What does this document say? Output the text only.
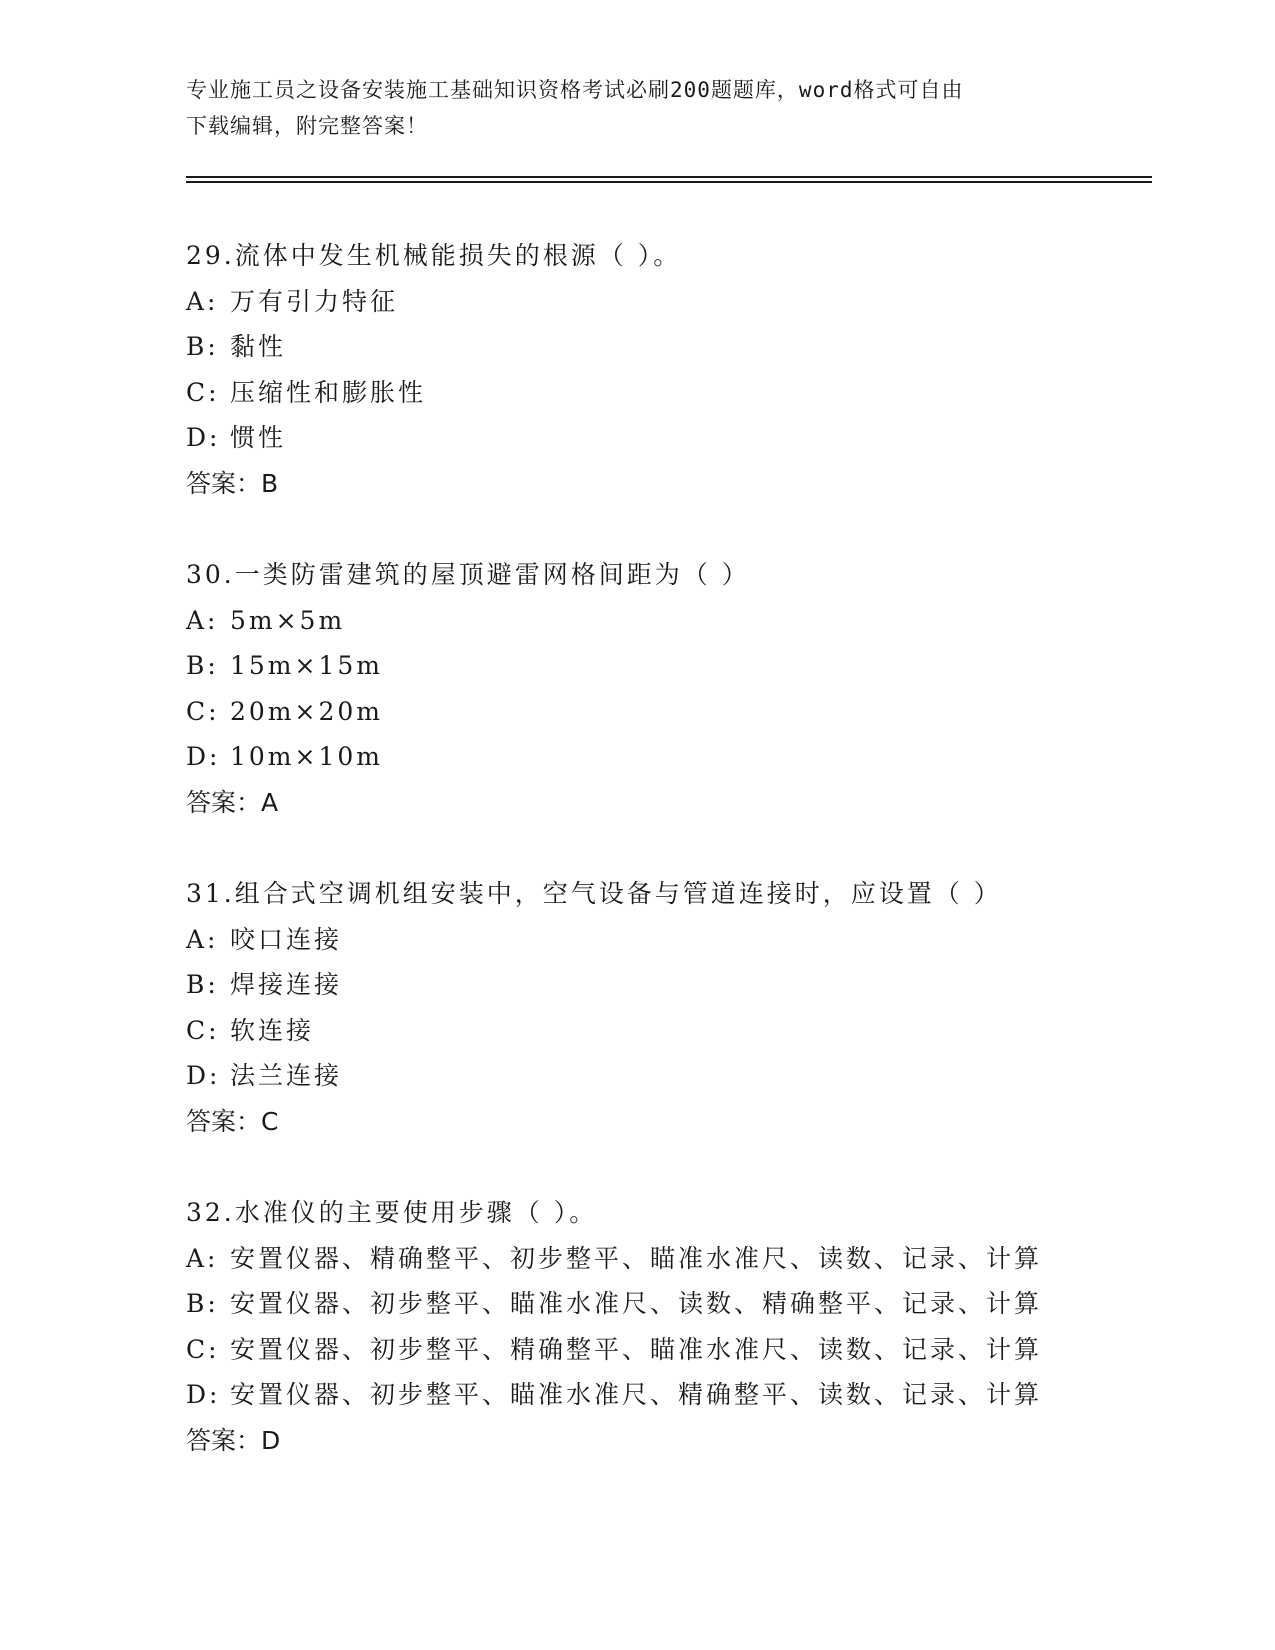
专业施工员之设备安装施工基础知识资格考试必刷200题题库，word格式可自由
下载编辑，附完整答案！
29.流体中发生机械能损失的根源（ ）。
A: 万有引力特征
B: 黏性
C: 压缩性和膨胀性
D: 惯性
答案：B
30.一类防雷建筑的屋顶避雷网格间距为（ ）
A: 5m×5m
B: 15m×15m
C: 20m×20m
D: 10m×10m
答案：A
31.组合式空调机组安装中，空气设备与管道连接时，应设置（ ）
A: 咬口连接
B: 焊接连接
C: 软连接
D: 法兰连接
答案：C
32.水准仪的主要使用步骤（ ）。
A: 安置仪器、精确整平、初步整平、瞄准水准尺、读数、记录、计算
B: 安置仪器、初步整平、瞄准水准尺、读数、精确整平、记录、计算
C: 安置仪器、初步整平、精确整平、瞄准水准尺、读数、记录、计算
D: 安置仪器、初步整平、瞄准水准尺、精确整平、读数、记录、计算
答案：D
